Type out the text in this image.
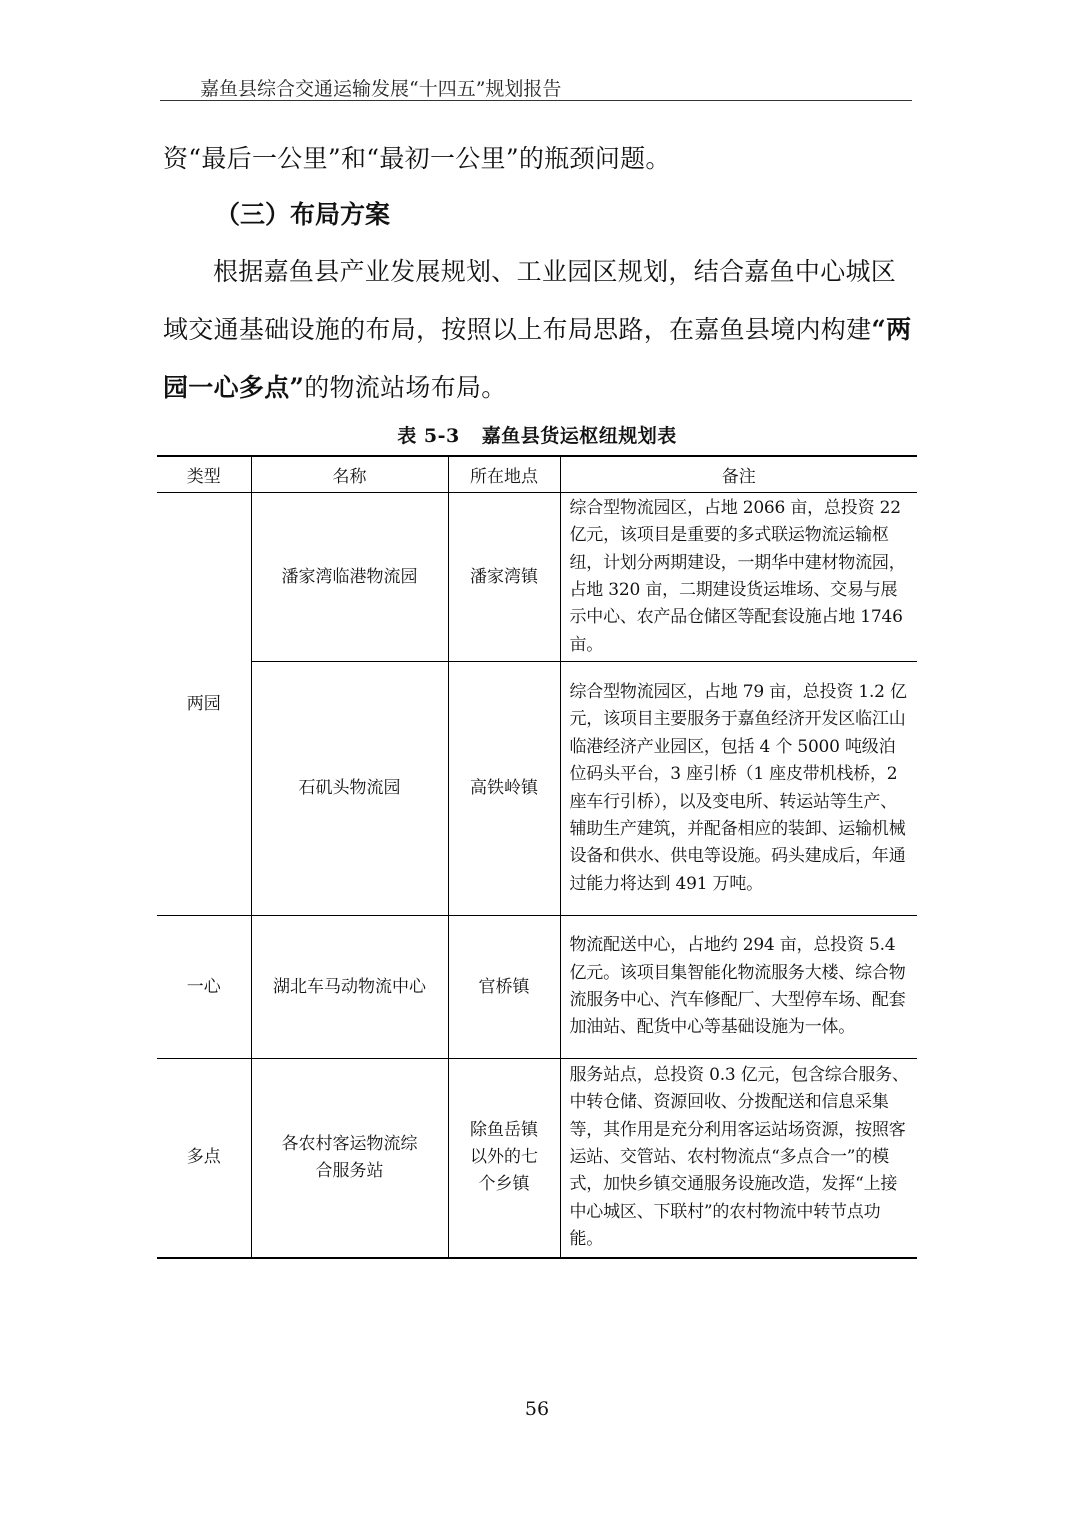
嘉鱼县综合交通运输发展“十四五”规划报告

资“最后一公里”和“最初一公里”的瓶颈问题。

（三）布局方案

根据嘉鱼县产业发展规划、工业园区规划，结合嘉鱼中心城区域交通基础设施的布局，按照以上布局思路，在嘉鱼县境内构建“两园一心多点”的物流站场布局。

表 5-3 嘉鱼县货运枢纽规划表
类型	名称	所在地点	备注
两园	潘家湾临港物流园	潘家湾镇	综合型物流园区，占地 2066 亩，总投资 22 亿元，该项目是重要的多式联运物流运输枢纽，计划分两期建设，一期华中建材物流园，占地 320 亩，二期建设货运堆场、交易与展示中心、农产品仓储区等配套设施占地 1746 亩。
	石矶头物流园	高铁岭镇	综合型物流园区，占地 79 亩，总投资 1.2 亿元，该项目主要服务于嘉鱼经济开发区临江山临港经济产业园区，包括 4 个 5000 吨级泊位码头平台，3 座引桥（1 座皮带机栈桥，2 座车行引桥），以及变电所、转运站等生产、辅助生产建筑，并配备相应的装卸、运输机械设备和供水、供电等设施。码头建成后，年通过能力将达到 491 万吨。
一心	湖北车马动物流中心	官桥镇	物流配送中心，占地约 294 亩，总投资 5.4 亿元。该项目集智能化物流服务大楼、综合物流服务中心、汽车修配厂、大型停车场、配套加油站、配货中心等基础设施为一体。
多点	各农村客运物流综合服务站	除鱼岳镇以外的七个乡镇	服务站点，总投资 0.3 亿元，包含综合服务、中转仓储、资源回收、分拨配送和信息采集等，其作用是充分利用客运站场资源，按照客运站、交管站、农村物流点“多点合一”的模式，加快乡镇交通服务设施改造，发挥“上接中心城区、下联村”的农村物流中转节点功能。
56
